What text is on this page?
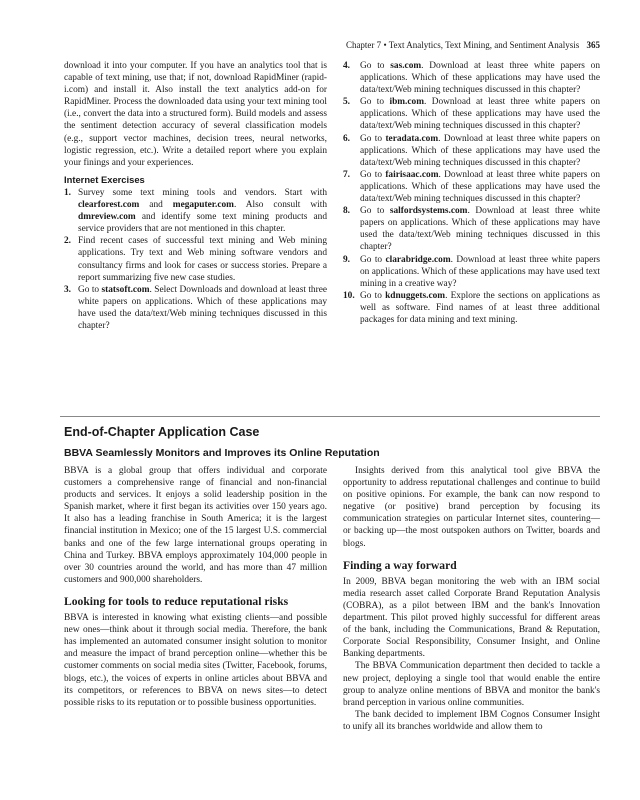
Chapter 7 • Text Analytics, Text Mining, and Sentiment Analysis 365

download it into your computer. If you have an analytics tool that is capable of text mining, use that; if not, download RapidMiner (rapid-i.com) and install it. Also install the text analytics add-on for RapidMiner. Process the downloaded data using your text mining tool (i.e., convert the data into a structured form). Build models and assess the sentiment detection accuracy of several classification models (e.g., support vector machines, decision trees, neural networks, logistic regression, etc.). Write a detailed report where you explain your finings and your experiences.

Internet Exercises
1. Survey some text mining tools and vendors. Start with clearforest.com and megaputer.com. Also consult with dmreview.com and identify some text mining products and service providers that are not mentioned in this chapter.
2. Find recent cases of successful text mining and Web mining applications. Try text and Web mining software vendors and consultancy firms and look for cases or success stories. Prepare a report summarizing five new case studies.
3. Go to statsoft.com. Select Downloads and download at least three white papers on applications. Which of these applications may have used the data/text/Web mining techniques discussed in this chapter?
4. Go to sas.com. Download at least three white papers on applications. Which of these applications may have used the data/text/Web mining techniques discussed in this chapter?
5. Go to ibm.com. Download at least three white papers on applications. Which of these applications may have used the data/text/Web mining techniques discussed in this chapter?
6. Go to teradata.com. Download at least three white papers on applications. Which of these applications may have used the data/text/Web mining techniques discussed in this chapter?
7. Go to fairisaac.com. Download at least three white papers on applications. Which of these applications may have used the data/text/Web mining techniques discussed in this chapter?
8. Go to salfordsystems.com. Download at least three white papers on applications. Which of these applications may have used the data/text/Web mining techniques discussed in this chapter?
9. Go to clarabridge.com. Download at least three white papers on applications. Which of these applications may have used text mining in a creative way?
10. Go to kdnuggets.com. Explore the sections on applications as well as software. Find names of at least three additional packages for data mining and text mining.
End-of-Chapter Application Case
BBVA Seamlessly Monitors and Improves its Online Reputation

BBVA is a global group that offers individual and corporate customers a comprehensive range of financial and non-financial products and services. It enjoys a solid leadership position in the Spanish market, where it first began its activities over 150 years ago. It also has a leading franchise in South America; it is the largest financial institution in Mexico; one of the 15 largest U.S. commercial banks and one of the few large international groups operating in China and Turkey. BBVA employs approximately 104,000 people in over 30 countries around the world, and has more than 47 million customers and 900,000 shareholders.

Looking for tools to reduce reputational risks

BBVA is interested in knowing what existing clients—and possible new ones—think about it through social media. Therefore, the bank has implemented an automated consumer insight solution to monitor and measure the impact of brand perception online—whether this be customer comments on social media sites (Twitter, Facebook, forums, blogs, etc.), the voices of experts in online articles about BBVA and its competitors, or references to BBVA on news sites—to detect possible risks to its reputation or to possible business opportunities.

Insights derived from this analytical tool give BBVA the opportunity to address reputational challenges and continue to build on positive opinions. For example, the bank can now respond to negative (or positive) brand perception by focusing its communication strategies on particular Internet sites, countering—or backing up—the most outspoken authors on Twitter, boards and blogs.

Finding a way forward

In 2009, BBVA began monitoring the web with an IBM social media research asset called Corporate Brand Reputation Analysis (COBRA), as a pilot between IBM and the bank's Innovation department. This pilot proved highly successful for different areas of the bank, including the Communications, Brand & Reputation, Corporate Social Responsibility, Consumer Insight, and Online Banking departments.

The BBVA Communication department then decided to tackle a new project, deploying a single tool that would enable the entire group to analyze online mentions of BBVA and monitor the bank's brand perception in various online communities.

The bank decided to implement IBM Cognos Consumer Insight to unify all its branches worldwide and allow them to
